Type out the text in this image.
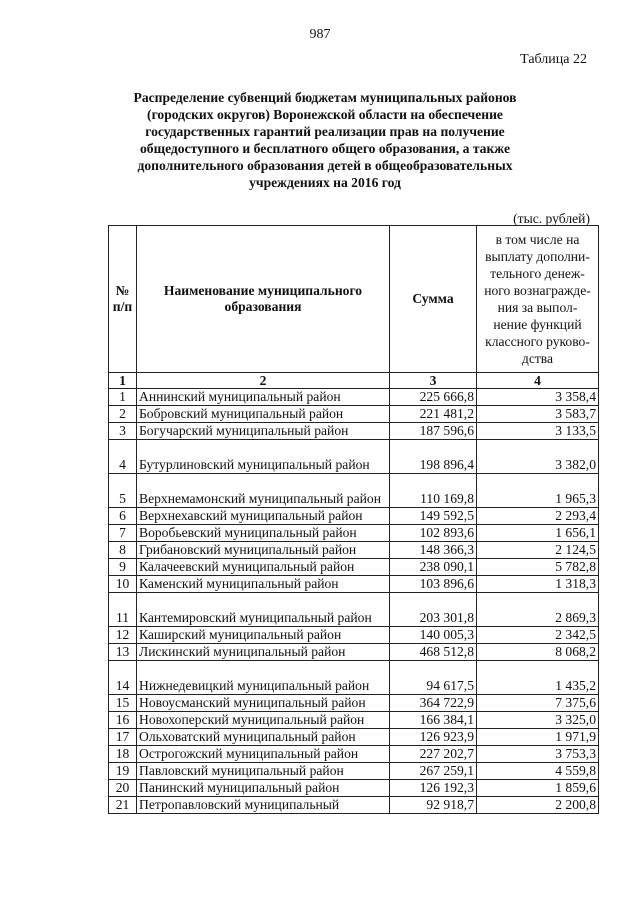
987
Таблица 22
Распределение субвенций бюджетам муниципальных районов (городских округов) Воронежской области на обеспечение государственных гарантий реализации прав на получение общедоступного и бесплатного общего образования, а также дополнительного образования детей в общеобразовательных учреждениях на 2016 год
(тыс. рублей)
№ п/п	Наименование муниципального образования	Сумма	в том числе на выплату дополни-тельного денеж-ного вознагражде-ния за выпол-нение функций классного руково-дства
1	2	3	4
1	Аннинский муниципальный район	225 666,8	3 358,4
2	Бобровский муниципальный район	221 481,2	3 583,7
3	Богучарский муниципальный район	187 596,6	3 133,5
4	Бутурлиновский муниципальный район	198 896,4	3 382,0
5	Верхнемамонский муниципальный район	110 169,8	1 965,3
6	Верхнехавский муниципальный район	149 592,5	2 293,4
7	Воробьевский муниципальный район	102 893,6	1 656,1
8	Грибановский муниципальный район	148 366,3	2 124,5
9	Калачеевский муниципальный район	238 090,1	5 782,8
10	Каменский муниципальный район	103 896,6	1 318,3
11	Кантемировский муниципальный район	203 301,8	2 869,3
12	Каширский муниципальный район	140 005,3	2 342,5
13	Лискинский муниципальный район	468 512,8	8 068,2
14	Нижнедевицкий муниципальный район	94 617,5	1 435,2
15	Новоусманский муниципальный район	364 722,9	7 375,6
16	Новохоперский муниципальный район	166 384,1	3 325,0
17	Ольховатский муниципальный район	126 923,9	1 971,9
18	Острогожский муниципальный район	227 202,7	3 753,3
19	Павловский муниципальный район	267 259,1	4 559,8
20	Панинский муниципальный район	126 192,3	1 859,6
21	Петропавловский муниципальный	92 918,7	2 200,8
